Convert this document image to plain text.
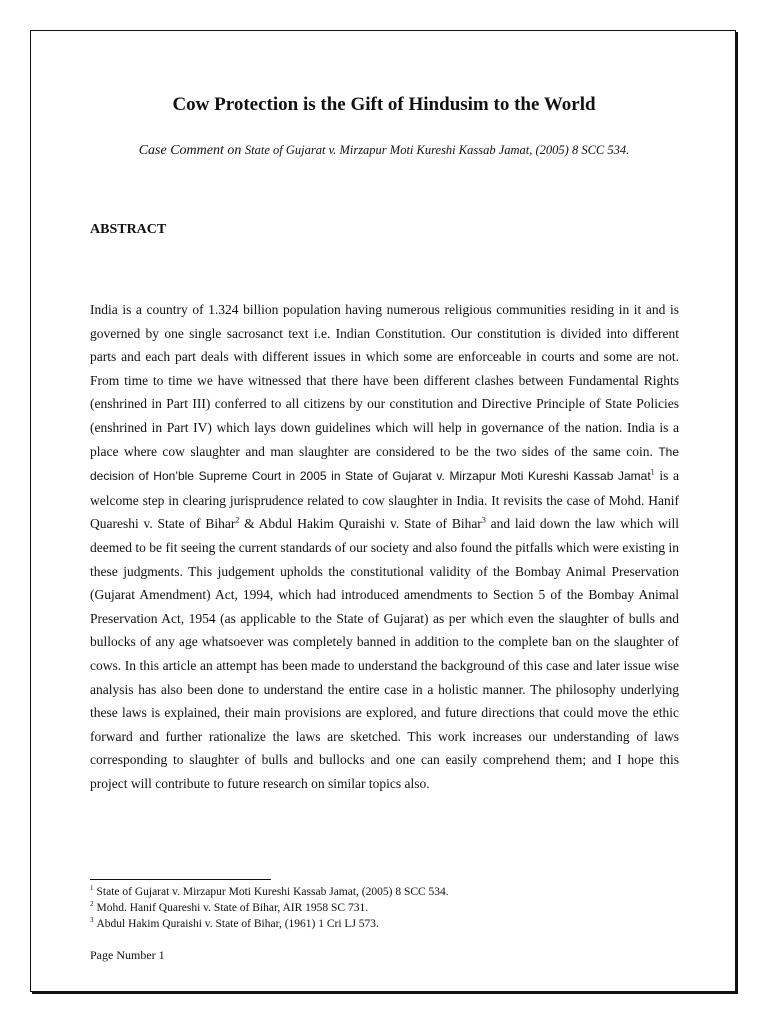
Cow Protection is the Gift of Hindusim to the World

Case Comment on State of Gujarat v. Mirzapur Moti Kureshi Kassab Jamat, (2005) 8 SCC 534.

ABSTRACT

India is a country of 1.324 billion population having numerous religious communities residing in it and is governed by one single sacrosanct text i.e. Indian Constitution. Our constitution is divided into different parts and each part deals with different issues in which some are enforceable in courts and some are not. From time to time we have witnessed that there have been different clashes between Fundamental Rights (enshrined in Part III) conferred to all citizens by our constitution and Directive Principle of State Policies (enshrined in Part IV) which lays down guidelines which will help in governance of the nation. India is a place where cow slaughter and man slaughter are considered to be the two sides of the same coin. The decision of Hon’ble Supreme Court in 2005 in State of Gujarat v. Mirzapur Moti Kureshi Kassab Jamat$^1$ is a welcome step in clearing jurisprudence related to cow slaughter in India. It revisits the case of Mohd. Hanif Quareshi v. State of Bihar$^2$ & Abdul Hakim Quraishi v. State of Bihar$^3$ and laid down the law which will deemed to be fit seeing the current standards of our society and also found the pitfalls which were existing in these judgments. This judgement upholds the constitutional validity of the Bombay Animal Preservation (Gujarat Amendment) Act, 1994, which had introduced amendments to Section 5 of the Bombay Animal Preservation Act, 1954 (as applicable to the State of Gujarat) as per which even the slaughter of bulls and bullocks of any age whatsoever was completely banned in addition to the complete ban on the slaughter of cows. In this article an attempt has been made to understand the background of this case and later issue wise analysis has also been done to understand the entire case in a holistic manner. The philosophy underlying these laws is explained, their main provisions are explored, and future directions that could move the ethic forward and further rationalize the laws are sketched. This work increases our understanding of laws corresponding to slaughter of bulls and bullocks and one can easily comprehend them; and I hope this project will contribute to future research on similar topics also.

$^1$ State of Gujarat v. Mirzapur Moti Kureshi Kassab Jamat, (2005) 8 SCC 534.
$^2$ Mohd. Hanif Quareshi v. State of Bihar, AIR 1958 SC 731.
$^3$ Abdul Hakim Quraishi v. State of Bihar, (1961) 1 Cri LJ 573.

Page Number 1
